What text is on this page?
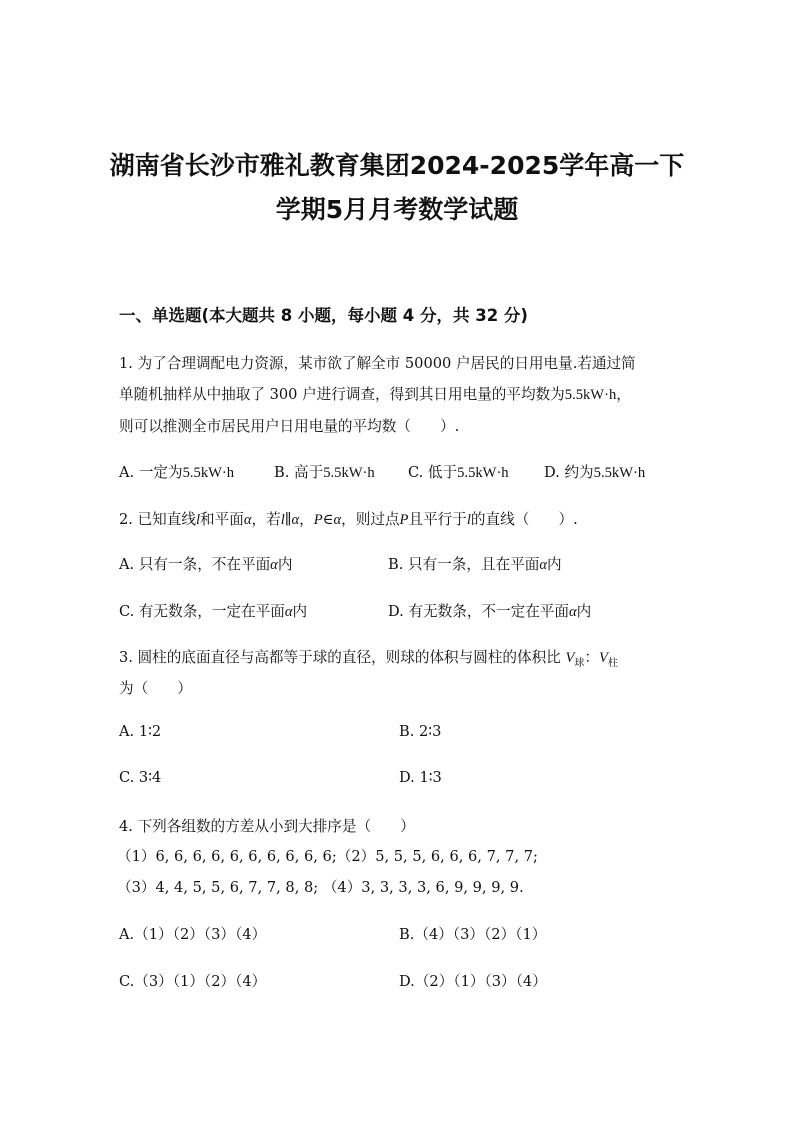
湖南省长沙市雅礼教育集团2024-2025学年高一下
学期5月月考数学试题
一、单选题(本大题共 8 小题，每小题 4 分，共 32 分)
1. 为了合理调配电力资源，某市欲了解全市 50000 户居民的日用电量.若通过简
单随机抽样从中抽取了 300 户进行调查，得到其日用电量的平均数为5.5kW·h，
则可以推测全市居民用户日用电量的平均数（　　）.
A. 一定为5.5kW·h	B. 高于5.5kW·h C. 低于5.5kW·h D. 约为5.5kW·h
2. 已知直线l和平面α，若l∥α，P∈α，则过点P且平行于l的直线（　　）.
A. 只有一条，不在平面α内	B. 只有一条，且在平面α内
C. 有无数条，一定在平面α内	D. 有无数条，不一定在平面α内
3. 圆柱的底面直径与高都等于球的直径，则球的体积与圆柱的体积比 $V_球$：$V_柱$
为（　　）
A. 1∶2	B. 2∶3
C. 3∶4	D. 1∶3
4. 下列各组数的方差从小到大排序是（　　）
（1）6, 6, 6, 6, 6, 6, 6, 6, 6, 6;（2）5, 5, 5, 6, 6, 6, 7, 7, 7;
（3）4, 4, 5, 5, 6, 7, 7, 8, 8; （4）3, 3, 3, 3, 6, 9, 9, 9, 9.
A.（1）（2）（3）（4）	B.（4）（3）（2）（1）
C.（3）（1）（2）（4）	D.（2）（1）（3）（4）
